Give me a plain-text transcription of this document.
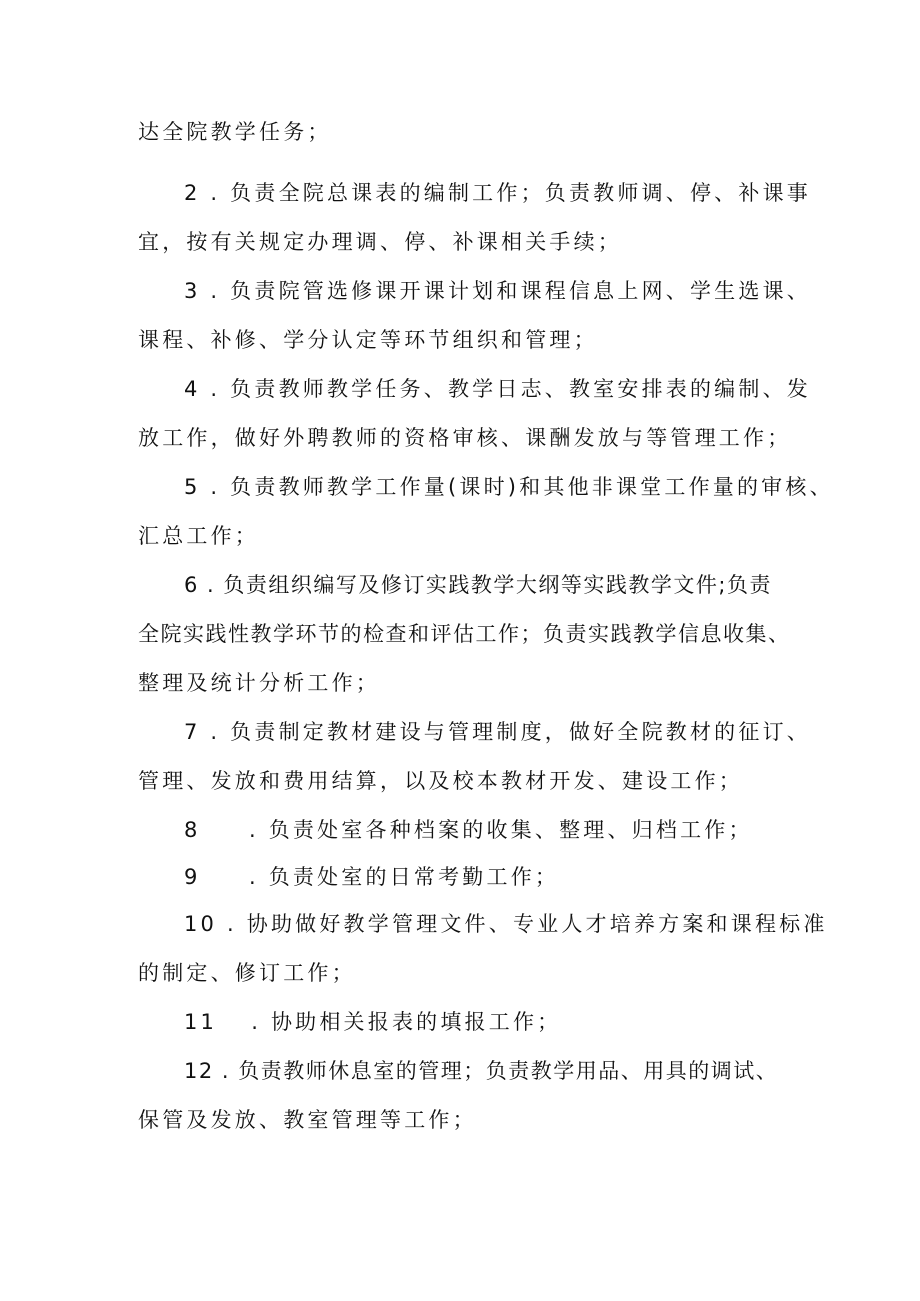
达全院教学任务；
2 . 负责全院总课表的编制工作；负责教师调、停、补课事
宜，按有关规定办理调、停、补课相关手续；
3 . 负责院管选修课开课计划和课程信息上网、学生选课、
课程、补修、学分认定等环节组织和管理；
4 . 负责教师教学任务、教学日志、教室安排表的编制、发
放工作，做好外聘教师的资格审核、课酬发放与等管理工作；
5 . 负责教师教学工作量(课时)和其他非课堂工作量的审核、
汇总工作；
6 . 负责组织编写及修订实践教学大纲等实践教学文件;负责
全院实践性教学环节的检查和评估工作；负责实践教学信息收集、
整理及统计分析工作；
7 . 负责制定教材建设与管理制度，做好全院教材的征订、
管理、发放和费用结算，以及校本教材开发、建设工作；
8　　. 负责处室各种档案的收集、整理、归档工作；
9　　. 负责处室的日常考勤工作；
10 . 协助做好教学管理文件、专业人才培养方案和课程标准
的制定、修订工作；
11　 . 协助相关报表的填报工作；
12 . 负责教师休息室的管理；负责教学用品、用具的调试、
保管及发放、教室管理等工作；
